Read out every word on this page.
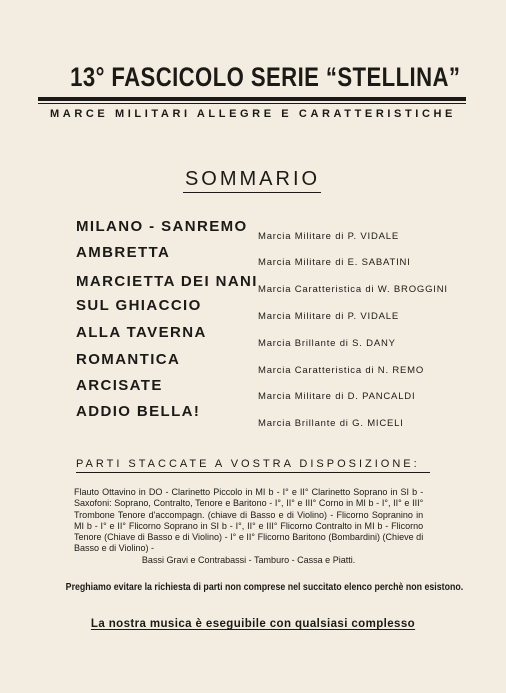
13° FASCICOLO SERIE “STELLINA”
MARCE MILITARI ALLEGRE E CARATTERISTICHE
SOMMARIO
MILANO - SANREMO
AMBRETTA
MARCIETTA DEI NANI
SUL GHIACCIO
ALLA TAVERNA
ROMANTICA
ARCISATE
ADDIO BELLA!
Marcia Militare di P. VIDALE
Marcia Militare di E. SABATINI
Marcia Caratteristica di W. BROGGINI
Marcia Militare di P. VIDALE
Marcia Brillante di S. DANY
Marcia Caratteristica di N. REMO
Marcia Militare di D. PANCALDI
Marcia Brillante di G. MICELI
PARTI STACCATE A VOSTRA DISPOSIZIONE:
Flauto Ottavino in DO - Clarinetto Piccolo in MI b - I° e II° Clarinetto Soprano in SI b - Saxofoni: Soprano, Contralto, Tenore e Baritono - I°, II° e III° Corno in MI b - I°, II° e III° Trombone Tenore d'accompagn. (chiave di Basso e di Violino) - Flicorno Sopranino in MI b - I° e II° Flicorno Soprano in SI b - I°, II° e III° Flicorno Contralto in MI b - Flicorno Tenore (Chiave di Basso e di Violino) - I° e II° Flicorno Baritono (Bombardini) (Chieve di Basso e di Violino) -
Bassi Gravi e Contrabassi - Tamburo - Cassa e Piatti.
Preghiamo evitare la richiesta di parti non comprese nel succitato elenco perchè non esistono.
La nostra musica è eseguibile con qualsiasi complesso
